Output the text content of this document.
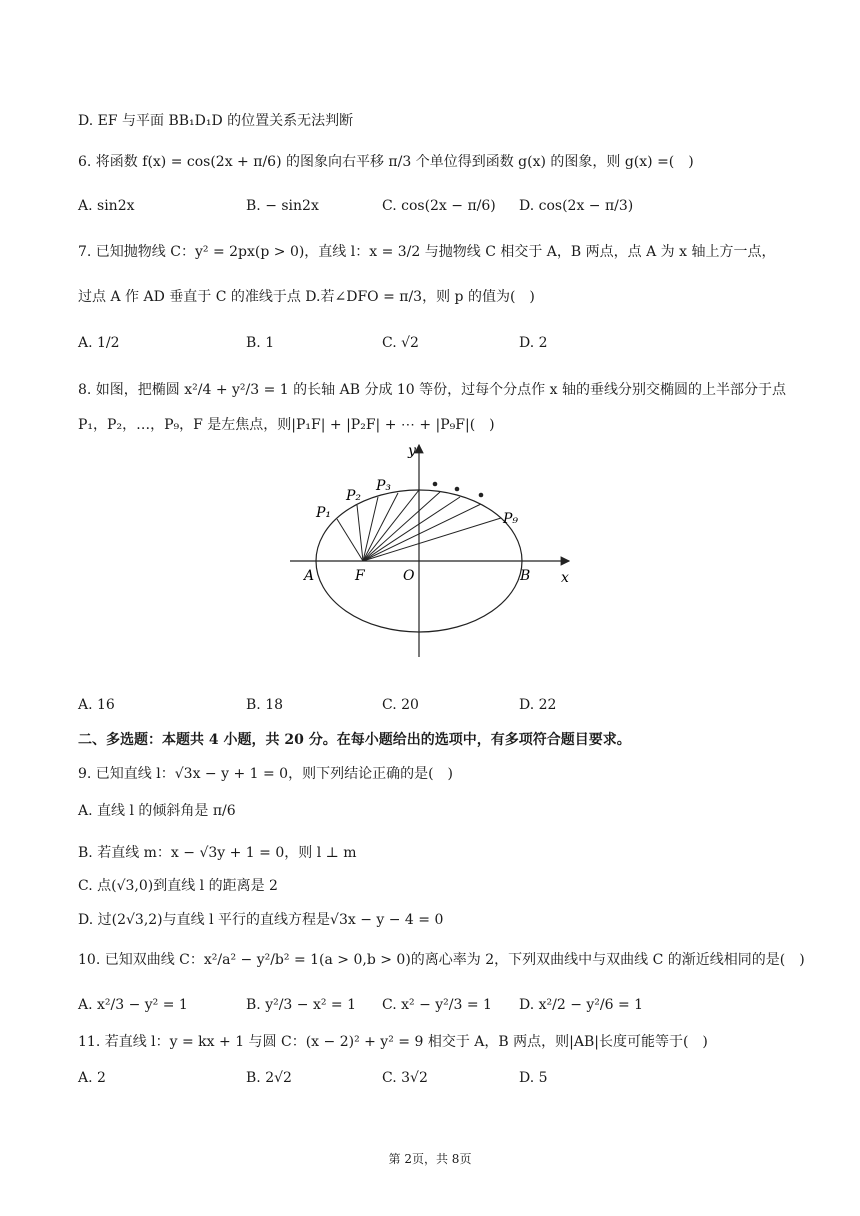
D. EF 与平面 BB₁D₁D 的位置关系无法判断
6. 将函数 f(x) = cos(2x + π/6) 的图象向右平移 π/3 个单位得到函数 g(x) 的图象，则 g(x) =(　)
A. sin2x	B. − sin2x	C. cos(2x − π/6) D. cos(2x − π/3)
7. 已知抛物线 C：y² = 2px(p > 0)，直线 l：x = 3/2 与抛物线 C 相交于 A，B 两点，点 A 为 x 轴上方一点，
过点 A 作 AD 垂直于 C 的准线于点 D.若∠DFO = π/3，则 p 的值为(　)
A. 1/2	B. 1	C. √2	D. 2
8. 如图，把椭圆 x²/4 + y²/3 = 1 的长轴 AB 分成 10 等份，过每个分点作 x 轴的垂线分别交椭圆的上半部分于点
P₁，P₂，…，P₉，F 是左焦点，则|P₁F| + |P₂F| + ⋯ + |P₉F|(　)
y
x
A	F	O	B
P₁
P₂
P₃
P₉
A. 16	B. 18	C. 20	D. 22
二、多选题：本题共 4 小题，共 20 分。在每小题给出的选项中，有多项符合题目要求。
9. 已知直线 l：√3x − y + 1 = 0，则下列结论正确的是(　)
A. 直线 l 的倾斜角是 π/6
B. 若直线 m：x − √3y + 1 = 0，则 l ⊥ m
C. 点(√3,0)到直线 l 的距离是 2
D. 过(2√3,2)与直线 l 平行的直线方程是√3x − y − 4 = 0
10. 已知双曲线 C：x²/a² − y²/b² = 1(a > 0,b > 0)的离心率为 2，下列双曲线中与双曲线 C 的渐近线相同的是(　)
A. x²/3 − y² = 1	B. y²/3 − x² = 1 C. x² − y²/3 = 1 D. x²/2 − y²/6 = 1
11. 若直线 l：y = kx + 1 与圆 C：(x − 2)² + y² = 9 相交于 A，B 两点，则|AB|长度可能等于(　)
A. 2	B. 2√2	C. 3√2	D. 5
第 2页，共 8页
